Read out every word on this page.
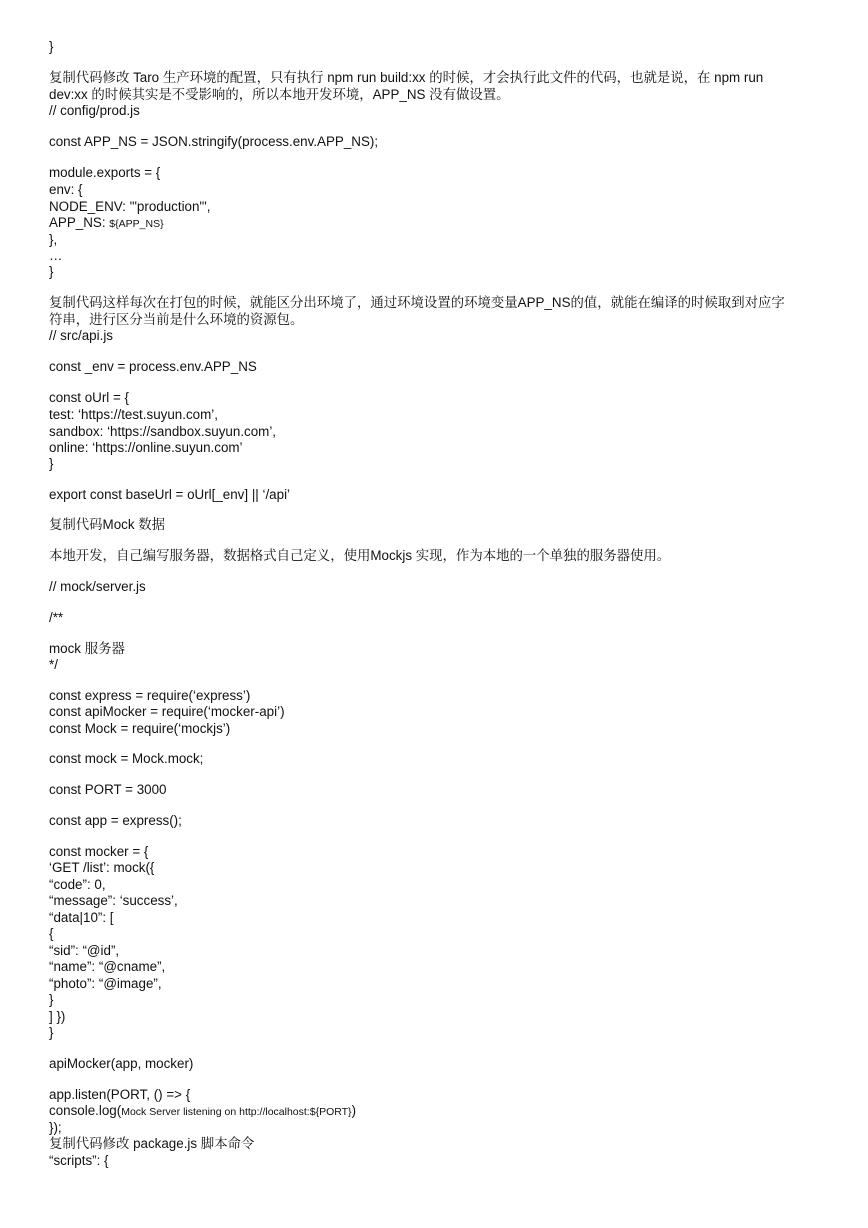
}
复制代码修改 Taro 生产环境的配置，只有执行 npm run build:xx 的时候，才会执行此文件的代码，也就是说，在 npm run
dev:xx 的时候其实是不受影响的，所以本地开发环境，APP_NS 没有做设置。
// config/prod.js
const APP_NS = JSON.stringify(process.env.APP_NS);
module.exports = {
env: {
NODE_ENV: '"production"',
APP_NS: ${APP_NS}
},
…
}
复制代码这样每次在打包的时候，就能区分出环境了，通过环境设置的环境变量APP_NS的值，就能在编译的时候取到对应字
符串，进行区分当前是什么环境的资源包。
// src/api.js
const _env = process.env.APP_NS
const oUrl = {
test: ‘https://test.suyun.com’,
sandbox: ‘https://sandbox.suyun.com’,
online: ‘https://online.suyun.com’
}
export const baseUrl = oUrl[_env] || ‘/api’
复制代码Mock 数据
本地开发，自己编写服务器，数据格式自己定义，使用Mockjs 实现，作为本地的一个单独的服务器使用。
// mock/server.js
/**
mock 服务器
*/
const express = require(‘express’)
const apiMocker = require(‘mocker-api’)
const Mock = require(‘mockjs’)
const mock = Mock.mock;
const PORT = 3000
const app = express();
const mocker = {
‘GET /list’: mock({
“code”: 0,
“message”: ‘success’,
“data|10”: [
{
“sid”: “@id”,
“name”: “@cname”,
“photo”: “@image”,
}
] })
}
apiMocker(app, mocker)
app.listen(PORT, () => {
console.log(Mock Server listening on http://localhost:${PORT})
});
复制代码修改 package.js 脚本命令
“scripts”: {
